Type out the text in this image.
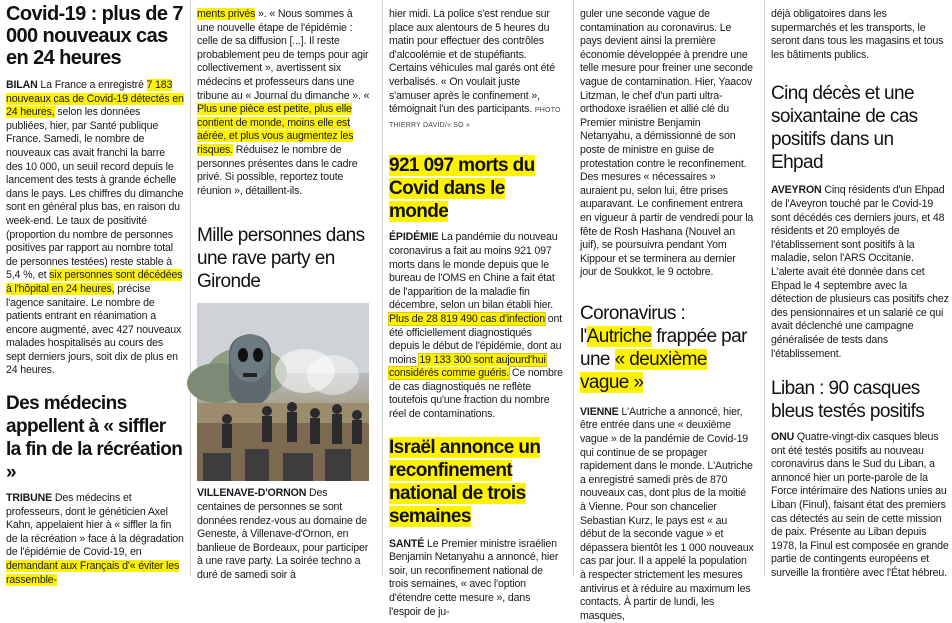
Covid-19 : plus de 7 000 nouveaux cas en 24 heures

BILAN La France a enregistré 7 183 nouveaux cas de Covid-19 détectés en 24 heures, selon les données publiées, hier, par Santé publique France. Samedi, le nombre de nouveaux cas avait franchi la barre des 10 000, un seuil record depuis le lancement des tests à grande échelle dans le pays. Les chiffres du dimanche sont en général plus bas, en raison du week-end. Le taux de positivité (proportion du nombre de personnes positives par rapport au nombre total de personnes testées) reste stable à 5,4 %, et six personnes sont décédées à l'hôpital en 24 heures, précise l'agence sanitaire. Le nombre de patients entrant en réanimation a encore augmenté, avec 427 nouveaux malades hospitalisés au cours des sept derniers jours, soit dix de plus en 24 heures.

Des médecins appellent à « siffler la fin de la récréation »

TRIBUNE Des médecins et professeurs, dont le généticien Axel Kahn, appelaient hier à « siffler la fin de la récréation » face à la dégradation de l'épidémie de Covid-19, en demandant aux Français d'« éviter les rassemble-

ments privés ». « Nous sommes à une nouvelle étape de l'épidémie : celle de sa diffusion [...]. Il reste probablement peu de temps pour agir collectivement », avertissent six médecins et professeurs dans une tribune au « Journal du dimanche ». « Plus une pièce est petite, plus elle contient de monde, moins elle est aérée, et plus vous augmentez les risques. Réduisez le nombre de personnes présentes dans le cadre privé. Si possible, reportez toute réunion », détaillent-ils.

Mille personnes dans une rave party en Gironde

VILLENAVE-D'ORNON Des centaines de personnes se sont données rendez-vous au domaine de Geneste, à Villenave-d'Ornon, en banlieue de Bordeaux, pour participer à une rave party. La soirée techno a duré de samedi soir à

hier midi. La police s'est rendue sur place aux alentours de 5 heures du matin pour effectuer des contrôles d'alcoolémie et de stupéfiants. Certains véhicules mal garés ont été verbalisés. « On voulait juste s'amuser après le confinement », témoignait l'un des participants. PHOTO THIERRY DAVID/« SO »

921 097 morts du Covid dans le monde

ÉPIDÉMIE La pandémie du nouveau coronavirus a fait au moins 921 097 morts dans le monde depuis que le bureau de l'OMS en Chine a fait état de l'apparition de la maladie fin décembre, selon un bilan établi hier. Plus de 28 819 490 cas d'infection ont été officiellement diagnostiqués depuis le début de l'épidémie, dont au moins 19 133 300 sont aujourd'hui considérés comme guéris. Ce nombre de cas diagnostiqués ne reflète toutefois qu'une fraction du nombre réel de contaminations.

Israël annonce un reconfinement national de trois semaines

SANTÉ Le Premier ministre israélien Benjamin Netanyahu a annoncé, hier soir, un reconfinement national de trois semaines, « avec l'option d'étendre cette mesure », dans l'espoir de ju-

guler une seconde vague de contamination au coronavirus. Le pays devient ainsi la première économie développée à prendre une telle mesure pour freiner une seconde vague de contamination. Hier, Yaacov Litzman, le chef d'un parti ultra-orthodoxe israélien et allié clé du Premier ministre Benjamin Netanyahu, a démissionné de son poste de ministre en guise de protestation contre le reconfinement. Des mesures « nécessaires » auraient pu, selon lui, être prises auparavant. Le confinement entrera en vigueur à partir de vendredi pour la fête de Rosh Hashana (Nouvel an juif), se poursuivra pendant Yom Kippour et se terminera au dernier jour de Soukkot, le 9 octobre.

Coronavirus : l'Autriche frappée par une « deuxième vague »

VIENNE L'Autriche a annoncé, hier, être entrée dans une « deuxième vague » de la pandémie de Covid-19 qui continue de se propager rapidement dans le monde. L'Autriche a enregistré samedi près de 870 nouveaux cas, dont plus de la moitié à Vienne. Pour son chancelier Sebastian Kurz, le pays est « au début de la seconde vague » et dépassera bientôt les 1 000 nouveaux cas par jour. Il a appelé la population à respecter strictement les mesures antivirus et à réduire au maximum les contacts. À partir de lundi, les masques,

déjà obligatoires dans les supermarchés et les transports, le seront dans tous les magasins et tous les bâtiments publics.

Cinq décès et une soixantaine de cas positifs dans un Ehpad

AVEYRON Cinq résidents d'un Ehpad de l'Aveyron touché par le Covid-19 sont décédés ces derniers jours, et 48 résidents et 20 employés de l'établissement sont positifs à la maladie, selon l'ARS Occitanie. L'alerte avait été donnée dans cet Ehpad le 4 septembre avec la détection de plusieurs cas positifs chez des pensionnaires et un salarié ce qui avait déclenché une campagne généralisée de tests dans l'établissement.

Liban : 90 casques bleus testés positifs

ONU Quatre-vingt-dix casques bleus ont été testés positifs au nouveau coronavirus dans le Sud du Liban, a annoncé hier un porte-parole de la Force intérimaire des Nations unies au Liban (Finul), faisant état des premiers cas détectés au sein de cette mission de paix. Présente au Liban depuis 1978, la Finul est composée en grande partie de contingents européens et surveille la frontière avec l'État hébreu.
